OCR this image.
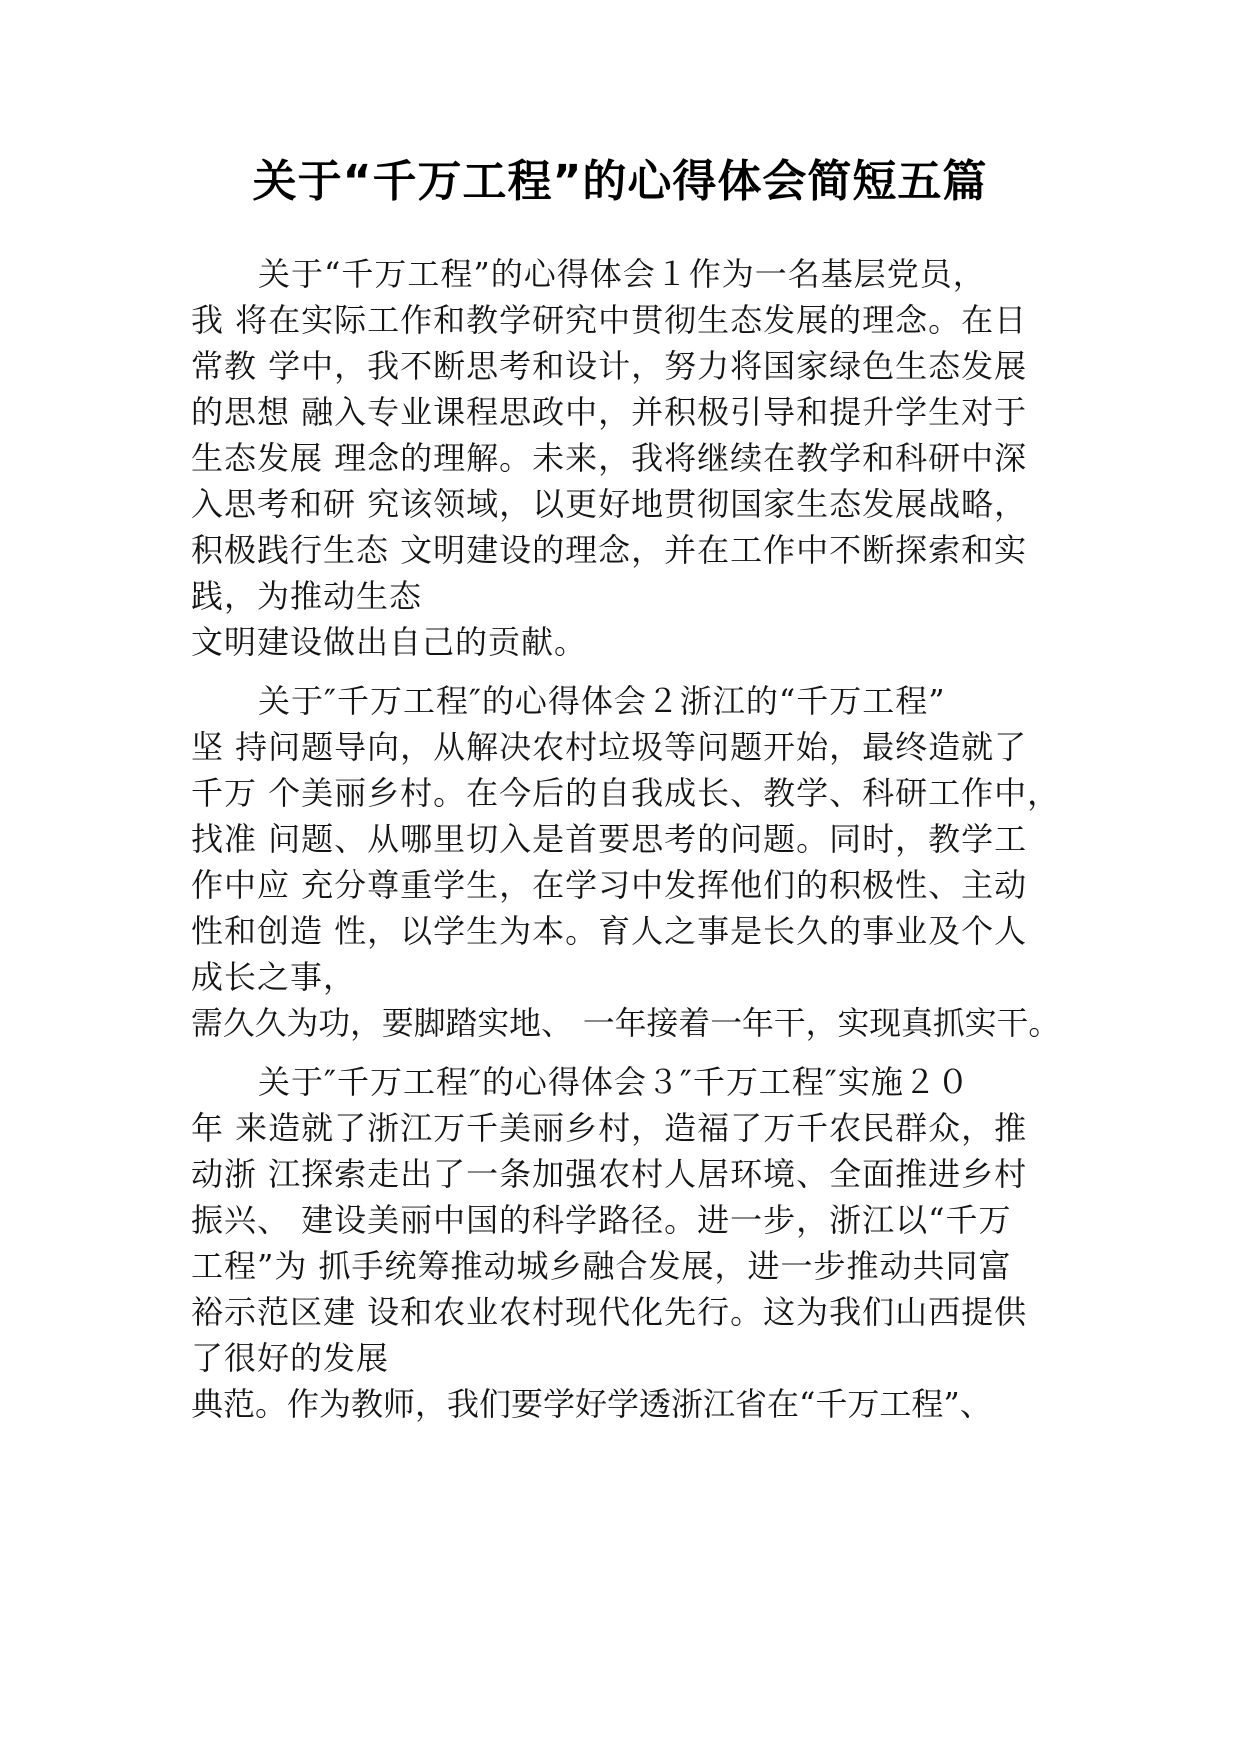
关于“千万工程”的心得体会简短五篇
关于“千万工程”的心得体会１作为一名基层党员，
我 将在实际工作和教学研究中贯彻生态发展的理念。在日
常教 学中，我不断思考和设计，努力将国家绿色生态发展
的思想 融入专业课程思政中，并积极引导和提升学生对于
生态发展 理念的理解。未来，我将继续在教学和科研中深
入思考和研 究该领域，以更好地贯彻国家生态发展战略，
积极践行生态 文明建设的理念，并在工作中不断探索和实
践，为推动生态
文明建设做出自己的贡献。
关于″千万工程″的心得体会２浙江的“千万工程”
坚 持问题导向，从解决农村垃圾等问题开始，最终造就了
千万 个美丽乡村。在今后的自我成长、教学、科研工作中，
找准 问题、从哪里切入是首要思考的问题。同时，教学工
作中应 充分尊重学生，在学习中发挥他们的积极性、主动
性和创造 性，以学生为本。育人之事是长久的事业及个人
成长之事，
需久久为功，要脚踏实地、 一年接着一年干，实现真抓实干。
关于″千万工程″的心得体会３″千万工程″实施２０
年 来造就了浙江万千美丽乡村，造福了万千农民群众，推
动浙 江探索走出了一条加强农村人居环境、全面推进乡村
振兴、 建设美丽中国的科学路径。进一步，浙江以“千万
工程”为 抓手统筹推动城乡融合发展，进一步推动共同富
裕示范区建 设和农业农村现代化先行。这为我们山西提供
了很好的发展
典范。作为教师，我们要学好学透浙江省在“千万工程”、
